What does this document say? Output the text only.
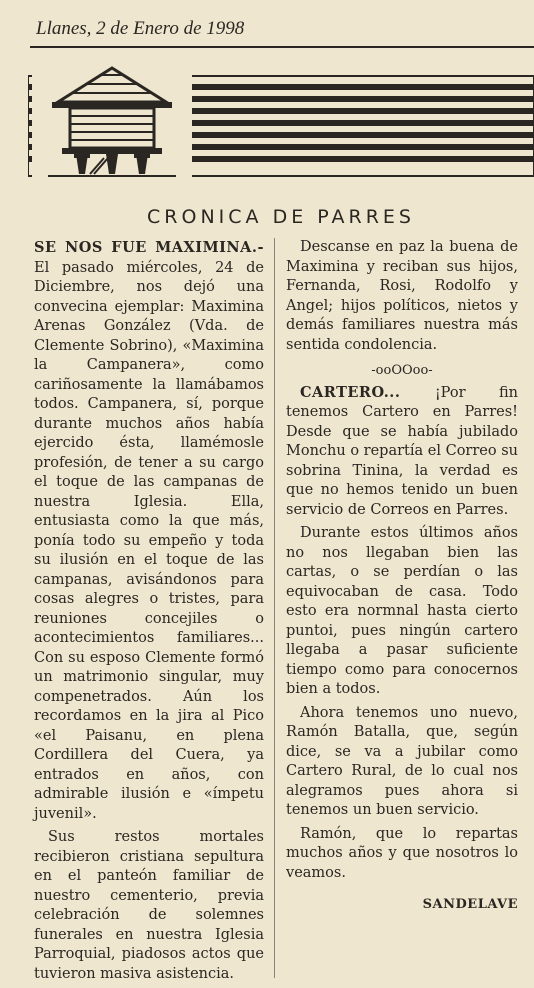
Llanes, 2 de Enero de 1998
CRONICA DE PARRES

SE NOS FUE MAXIMINA.- El pasado miércoles, 24 de Diciembre, nos dejó una convecina ejemplar: Maximina Arenas González (Vda. de Clemente Sobrino), «Maximina la Campanera», como cariñosamente la llamábamos todos. Campanera, sí, porque durante muchos años había ejercido ésta, llamémosle profesión, de tener a su cargo el toque de las campanas de nuestra Iglesia. Ella, entusiasta como la que más, ponía todo su empeño y toda su ilusión en el toque de las campanas, avisándonos para cosas alegres o tristes, para reuniones concejiles o acontecimientos familiares... Con su esposo Clemente formó un matrimonio singular, muy compenetrados. Aún los recordamos en la jira al Pico «el Paisanu, en plena Cordillera del Cuera, ya entrados en años, con admirable ilusión e «ímpetu juvenil».

Sus restos mortales recibieron cristiana sepultura en el panteón familiar de nuestro cementerio, previa celebración de solemnes funerales en nuestra Iglesia Parroquial, piadosos actos que tuvieron masiva asistencia.

Descanse en paz la buena de Maximina y reciban sus hijos, Fernanda, Rosi, Rodolfo y Angel; hijos políticos, nietos y demás familiares nuestra más sentida condolencia.

-ooOOoo-

CARTERO... ¡Por fin tenemos Cartero en Parres! Desde que se había jubilado Monchu o repartía el Correo su sobrina Tinina, la verdad es que no hemos tenido un buen servicio de Correos en Parres.

Durante estos últimos años no nos llegaban bien las cartas, o se perdían o las equivocaban de casa. Todo esto era normnal hasta cierto puntoi, pues ningún cartero llegaba a pasar suficiente tiempo como para conocernos bien a todos.

Ahora tenemos uno nuevo, Ramón Batalla, que, según dice, se va a jubilar como Cartero Rural, de lo cual nos alegramos pues ahora si tenemos un buen servicio.

Ramón, que lo repartas muchos años y que nosotros lo veamos.

SANDELAVE
